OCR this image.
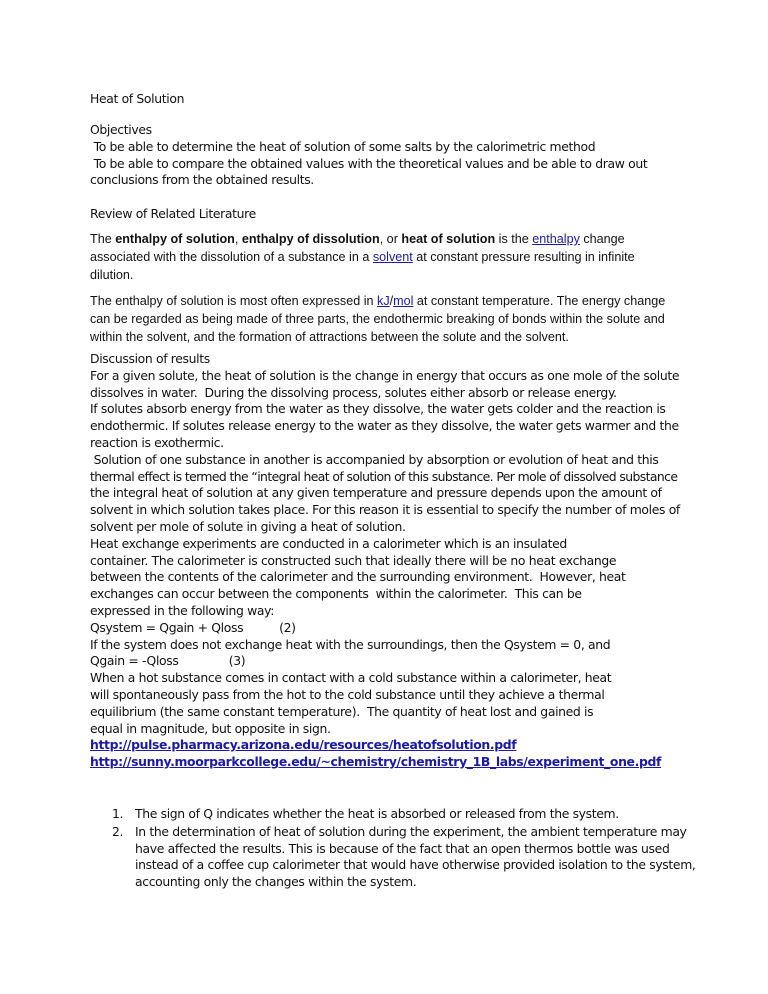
Heat of Solution
Objectives
To be able to determine the heat of solution of some salts by the calorimetric method
To be able to compare the obtained values with the theoretical values and be able to draw out
conclusions from the obtained results.
Review of Related Literature
The enthalpy of solution, enthalpy of dissolution, or heat of solution is the enthalpy change
associated with the dissolution of a substance in a solvent at constant pressure resulting in infinite
dilution.
The enthalpy of solution is most often expressed in kJ/mol at constant temperature. The energy change
can be regarded as being made of three parts, the endothermic breaking of bonds within the solute and
within the solvent, and the formation of attractions between the solute and the solvent.
Discussion of results
For a given solute, the heat of solution is the change in energy that occurs as one mole of the solute
dissolves in water.  During the dissolving process, solutes either absorb or release energy.
If solutes absorb energy from the water as they dissolve, the water gets colder and the reaction is
endothermic. If solutes release energy to the water as they dissolve, the water gets warmer and the
reaction is exothermic.
Solution of one substance in another is accompanied by absorption or evolution of heat and this
thermal effect is termed the “integral heat of solution of this substance. Per mole of dissolved substance
the integral heat of solution at any given temperature and pressure depends upon the amount of
solvent in which solution takes place. For this reason it is essential to specify the number of moles of
solvent per mole of solute in giving a heat of solution.
Heat exchange experiments are conducted in a calorimeter which is an insulated
container. The calorimeter is constructed such that ideally there will be no heat exchange
between the contents of the calorimeter and the surrounding environment.  However, heat
exchanges can occur between the components  within the calorimeter.  This can be
expressed in the following way:
Qsystem = Qgain + Qloss          (2)
If the system does not exchange heat with the surroundings, then the Qsystem = 0, and
Qgain = -Qloss              (3)
When a hot substance comes in contact with a cold substance within a calorimeter, heat
will spontaneously pass from the hot to the cold substance until they achieve a thermal
equilibrium (the same constant temperature).  The quantity of heat lost and gained is
equal in magnitude, but opposite in sign.
http://pulse.pharmacy.arizona.edu/resources/heatofsolution.pdf
http://sunny.moorparkcollege.edu/~chemistry/chemistry_1B_labs/experiment_one.pdf
1. The sign of Q indicates whether the heat is absorbed or released from the system.
2. In the determination of heat of solution during the experiment, the ambient temperature may
have affected the results. This is because of the fact that an open thermos bottle was used
instead of a coffee cup calorimeter that would have otherwise provided isolation to the system,
accounting only the changes within the system.
